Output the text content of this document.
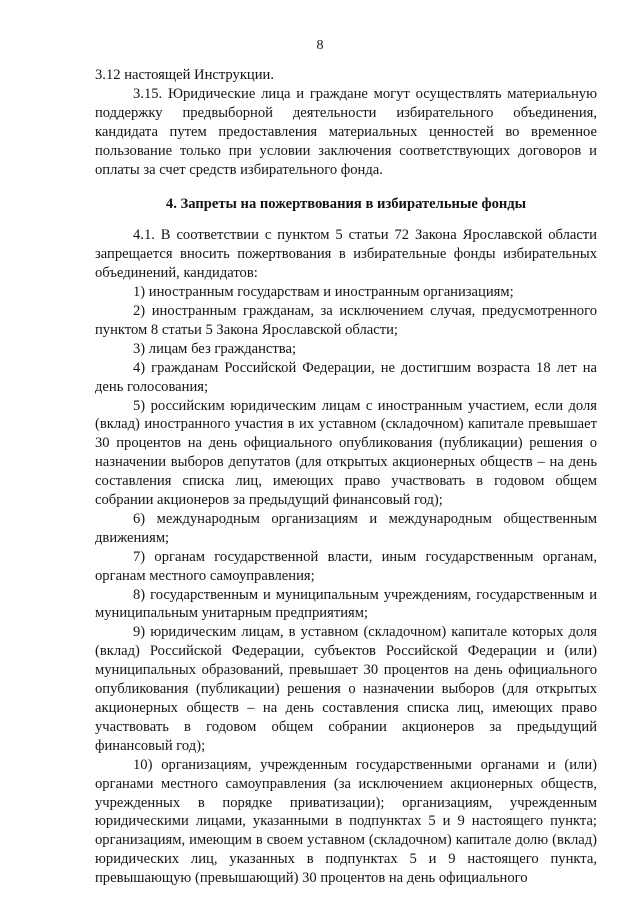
8

3.12 настоящей Инструкции.

3.15. Юридические лица и граждане могут осуществлять материальную поддержку предвыборной деятельности избирательного объединения, кандидата путем предоставления материальных ценностей во временное пользование только при условии заключения соответствующих договоров и оплаты за счет средств избирательного фонда.

4. Запреты на пожертвования в избирательные фонды

4.1. В соответствии с пунктом 5 статьи 72 Закона Ярославской области запрещается вносить пожертвования в избирательные фонды избирательных объединений, кандидатов:

1) иностранным государствам и иностранным организациям;

2) иностранным гражданам, за исключением случая, предусмотренного пунктом 8 статьи 5 Закона Ярославской области;

3) лицам без гражданства;

4) гражданам Российской Федерации, не достигшим возраста 18 лет на день голосования;

5) российским юридическим лицам с иностранным участием, если доля (вклад) иностранного участия в их уставном (складочном) капитале превышает 30 процентов на день официального опубликования (публикации) решения о назначении выборов депутатов (для открытых акционерных обществ – на день составления списка лиц, имеющих право участвовать в годовом общем собрании акционеров за предыдущий финансовый год);

6) международным организациям и международным общественным движениям;

7) органам государственной власти, иным государственным органам, органам местного самоуправления;

8) государственным и муниципальным учреждениям, государственным и муниципальным унитарным предприятиям;

9) юридическим лицам, в уставном (складочном) капитале которых доля (вклад) Российской Федерации, субъектов Российской Федерации и (или) муниципальных образований, превышает 30 процентов на день официального опубликования (публикации) решения о назначении выборов (для открытых акционерных обществ – на день составления списка лиц, имеющих право участвовать в годовом общем собрании акционеров за предыдущий финансовый год);

10) организациям, учрежденным государственными органами и (или) органами местного самоуправления (за исключением акционерных обществ, учрежденных в порядке приватизации); организациям, учрежденным юридическими лицами, указанными в подпунктах 5 и 9 настоящего пункта; организациям, имеющим в своем уставном (складочном) капитале долю (вклад) юридических лиц, указанных в подпунктах 5 и 9 настоящего пункта, превышающую (превышающий) 30 процентов на день официального
